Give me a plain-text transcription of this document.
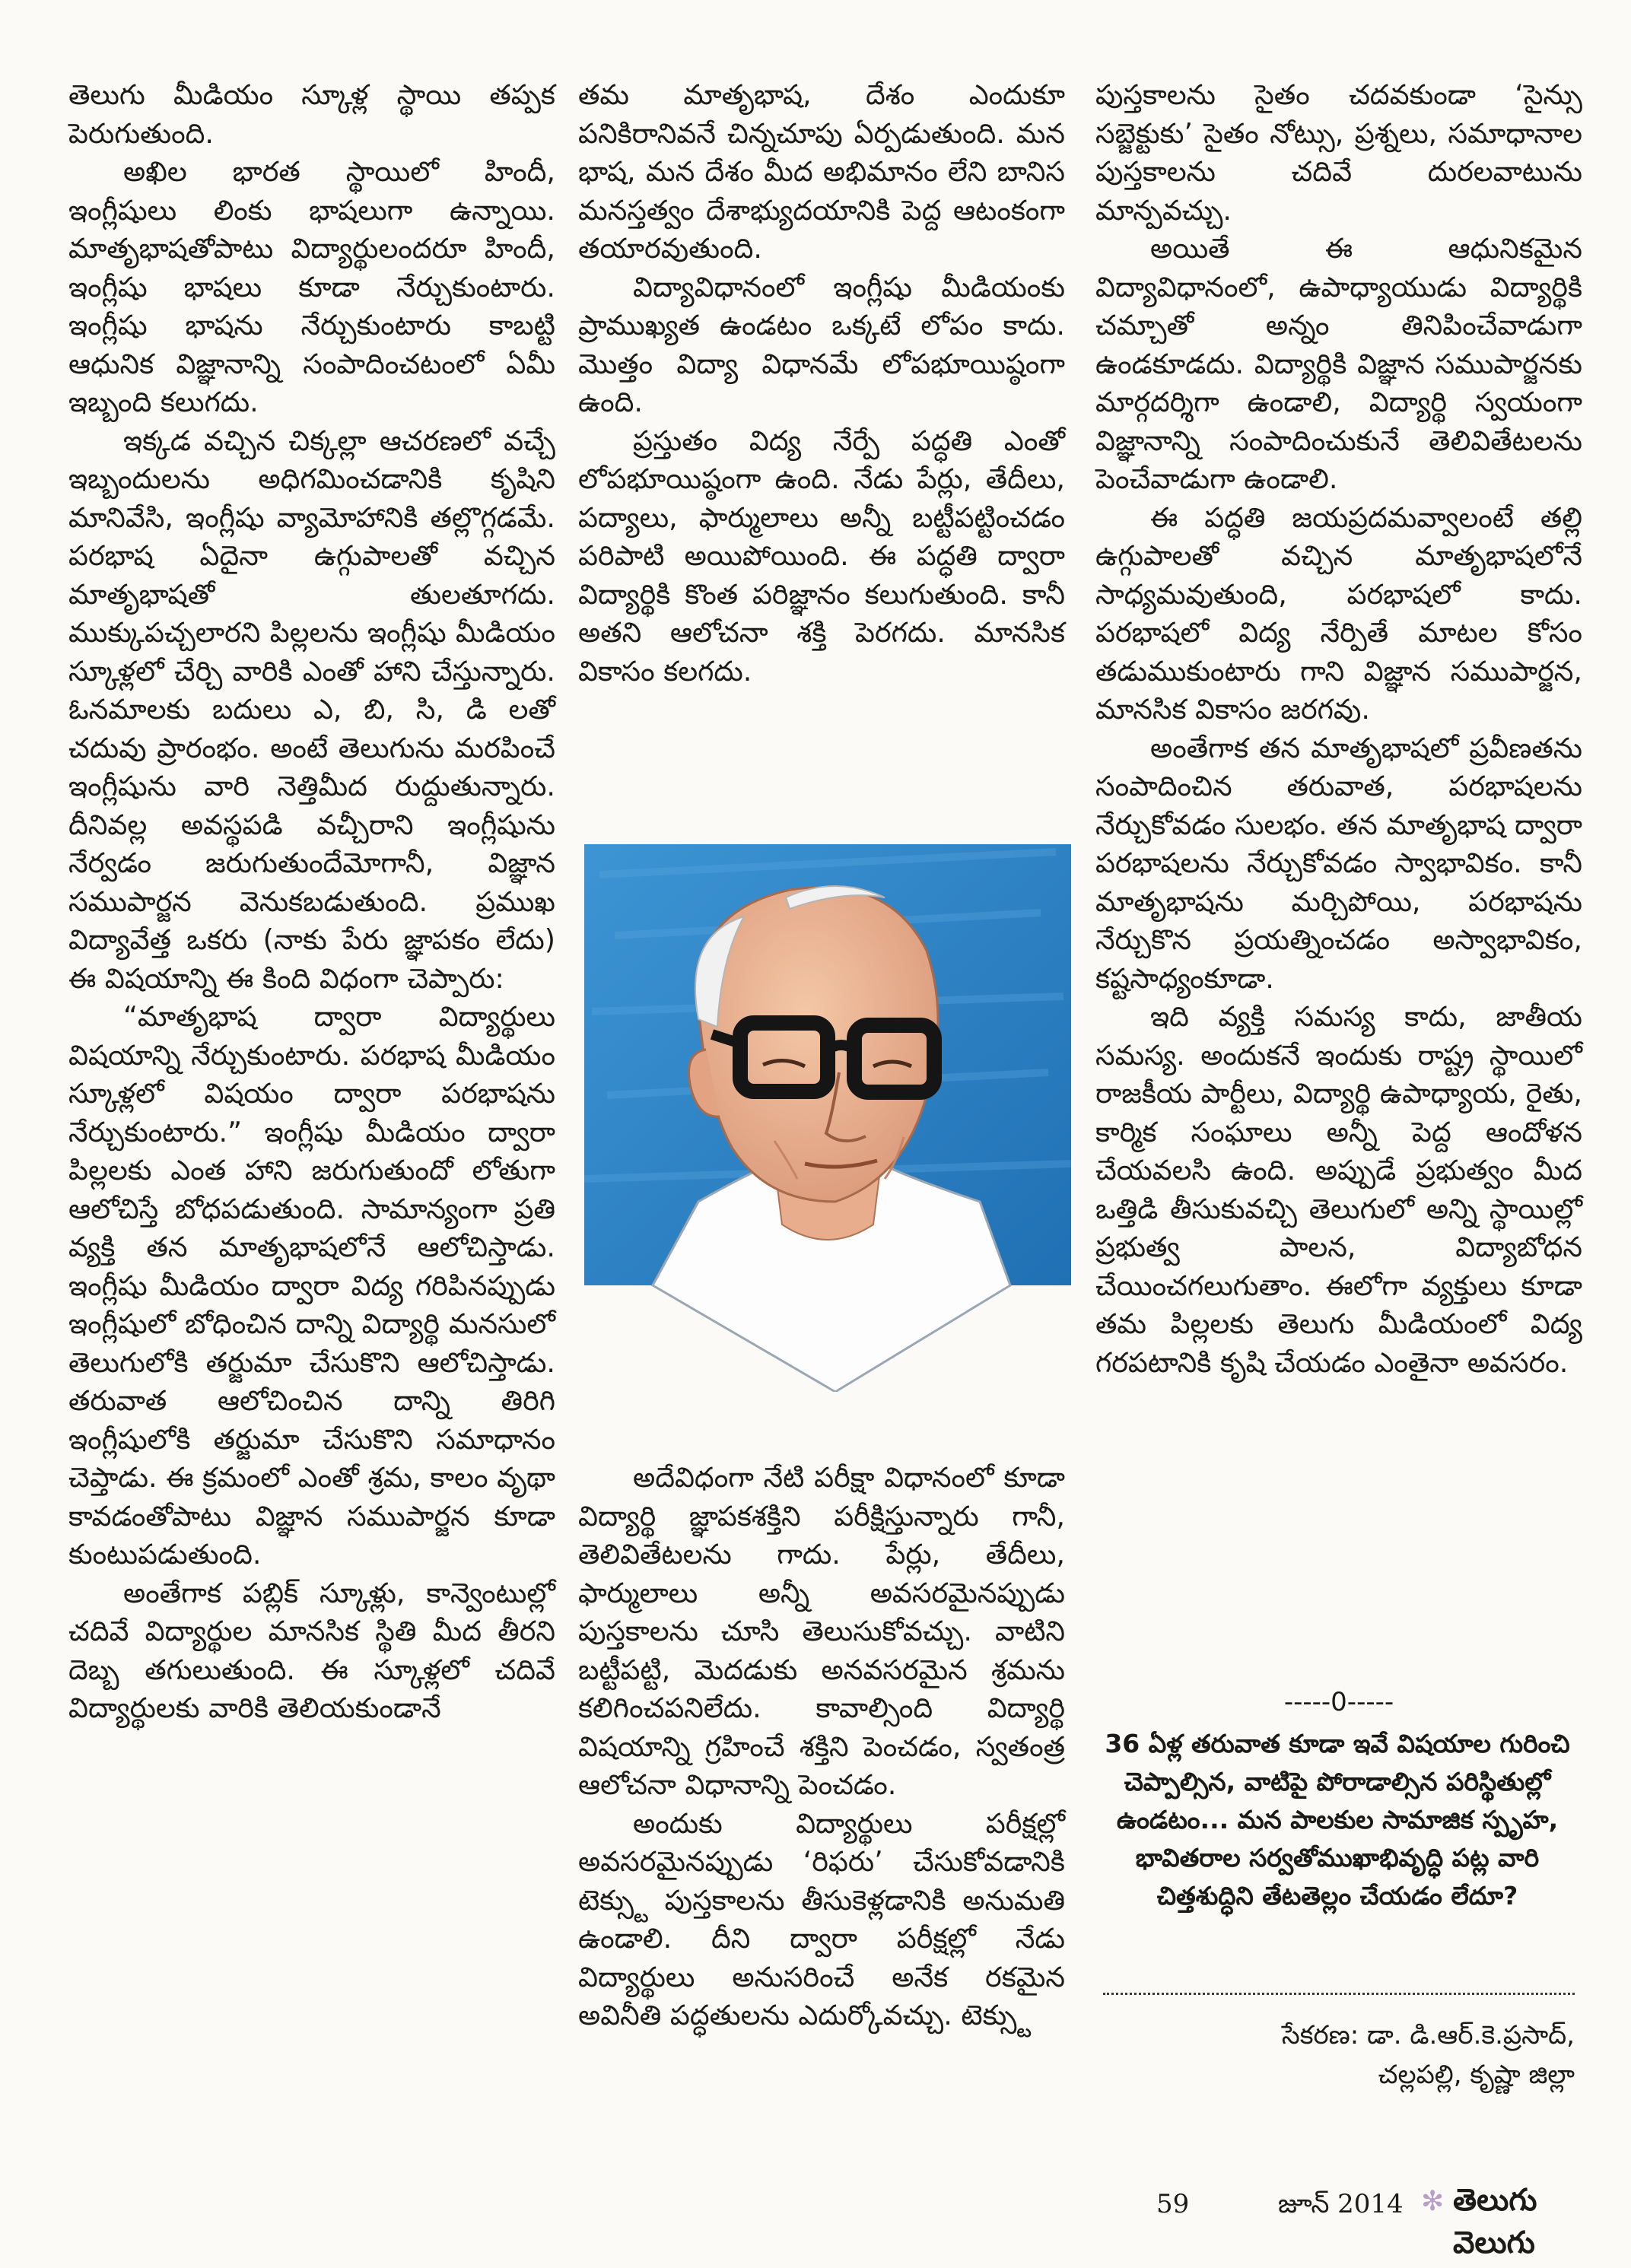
తెలుగు మీడియం స్కూళ్ల స్థాయి తప్పక పెరుగుతుంది.

అఖిల భారత స్థాయిలో హిందీ, ఇంగ్లీషులు లింకు భాషలుగా ఉన్నాయి. మాతృభాషతోపాటు విద్యార్థులందరూ హిందీ, ఇంగ్లీషు భాషలు కూడా నేర్చుకుంటారు. ఇంగ్లీషు భాషను నేర్చుకుంటారు కాబట్టి ఆధునిక విజ్ఞానాన్ని సంపాదించటంలో ఏమీ ఇబ్బంది కలుగదు.

ఇక్కడ వచ్చిన చిక్కల్లా ఆచరణలో వచ్చే ఇబ్బందులను అధిగమించడానికి కృషిని మానివేసి, ఇంగ్లీషు వ్యామోహానికి తల్లొగ్గడమే. పరభాష ఏదైనా ఉగ్గుపాలతో వచ్చిన మాతృభాషతో తులతూగదు. ముక్కుపచ్చలారని పిల్లలను ఇంగ్లీషు మీడియం స్కూళ్లలో చేర్చి వారికి ఎంతో హాని చేస్తున్నారు. ఓనమాలకు బదులు ఎ, బి, సి, డి లతో చదువు ప్రారంభం. అంటే తెలుగును మరపించే ఇంగ్లీషును వారి నెత్తిమీద రుద్దుతున్నారు. దీనివల్ల అవస్థపడి వచ్చీరాని ఇంగ్లీషును నేర్వడం జరుగుతుందేమోగానీ, విజ్ఞాన సముపార్జన వెనుకబడుతుంది. ప్రముఖ విద్యావేత్త ఒకరు (నాకు పేరు జ్ఞాపకం లేదు) ఈ విషయాన్ని ఈ కింది విధంగా చెప్పారు:

“మాతృభాష ద్వారా విద్యార్థులు విషయాన్ని నేర్చుకుంటారు. పరభాష మీడియం స్కూళ్లలో విషయం ద్వారా పరభాషను నేర్చుకుంటారు.” ఇంగ్లీషు మీడియం ద్వారా పిల్లలకు ఎంత హాని జరుగుతుందో లోతుగా ఆలోచిస్తే బోధపడుతుంది. సామాన్యంగా ప్రతి వ్యక్తి తన మాతృభాషలోనే ఆలోచిస్తాడు. ఇంగ్లీషు మీడియం ద్వారా విద్య గరిపినప్పుడు ఇంగ్లీషులో బోధించిన దాన్ని విద్యార్థి మనసులో తెలుగులోకి తర్జుమా చేసుకొని ఆలోచిస్తాడు. తరువాత ఆలోచించిన దాన్ని తిరిగి ఇంగ్లీషులోకి తర్జుమా చేసుకొని సమాధానం చెప్తాడు. ఈ క్రమంలో ఎంతో శ్రమ, కాలం వృథా కావడంతోపాటు విజ్ఞాన సముపార్జన కూడా కుంటుపడుతుంది.

అంతేగాక పబ్లిక్ స్కూళ్లు, కాన్వెంటుల్లో చదివే విద్యార్థుల మానసిక స్థితి మీద తీరని దెబ్బ తగులుతుంది. ఈ స్కూళ్లలో చదివే విద్యార్థులకు వారికి తెలియకుండానే

తమ మాతృభాష, దేశం ఎందుకూ పనికిరానివనే చిన్నచూపు ఏర్పడుతుంది. మన భాష, మన దేశం మీద అభిమానం లేని బానిస మనస్తత్వం దేశాభ్యుదయానికి పెద్ద ఆటంకంగా తయారవుతుంది.

విద్యావిధానంలో ఇంగ్లీషు మీడియంకు ప్రాముఖ్యత ఉండటం ఒక్కటే లోపం కాదు. మొత్తం విద్యా విధానమే లోపభూయిష్ఠంగా ఉంది.

ప్రస్తుతం విద్య నేర్పే పద్ధతి ఎంతో లోపభూయిష్ఠంగా ఉంది. నేడు పేర్లు, తేదీలు, పద్యాలు, ఫార్ములాలు అన్నీ బట్టీపట్టించడం పరిపాటి అయిపోయింది. ఈ పద్ధతి ద్వారా విద్యార్థికి కొంత పరిజ్ఞానం కలుగుతుంది. కానీ అతని ఆలోచనా శక్తి పెరగదు. మానసిక వికాసం కలగదు.

అదేవిధంగా నేటి పరీక్షా విధానంలో కూడా విద్యార్థి జ్ఞాపకశక్తిని పరీక్షిస్తున్నారు గానీ, తెలివితేటలను గాదు. పేర్లు, తేదీలు, ఫార్ములాలు అన్నీ అవసరమైనప్పుడు పుస్తకాలను చూసి తెలుసుకోవచ్చు. వాటిని బట్టీపట్టి, మెదడుకు అనవసరమైన శ్రమను కలిగించపనిలేదు. కావాల్సింది విద్యార్థి విషయాన్ని గ్రహించే శక్తిని పెంచడం, స్వతంత్ర ఆలోచనా విధానాన్ని పెంచడం.

అందుకు విద్యార్థులు పరీక్షల్లో అవసరమైనప్పుడు ‘రిఫరు’ చేసుకోవడానికి టెక్స్టు పుస్తకాలను తీసుకెళ్లడానికి అనుమతి ఉండాలి. దీని ద్వారా పరీక్షల్లో నేడు విద్యార్థులు అనుసరించే అనేక రకమైన అవినీతి పద్ధతులను ఎదుర్కోవచ్చు. టెక్స్టు

పుస్తకాలను సైతం చదవకుండా ‘సైన్సు సబ్జెక్టుకు’ సైతం నోట్సు, ప్రశ్నలు, సమాధానాల పుస్తకాలను చదివే దురలవాటును మాన్పవచ్చు.

అయితే ఈ ఆధునికమైన విద్యావిధానంలో, ఉపాధ్యాయుడు విద్యార్థికి చమ్చాతో అన్నం తినిపించేవాడుగా ఉండకూడదు. విద్యార్థికి విజ్ఞాన సముపార్జనకు మార్గదర్శిగా ఉండాలి, విద్యార్థి స్వయంగా విజ్ఞానాన్ని సంపాదించుకునే తెలివితేటలను పెంచేవాడుగా ఉండాలి.

ఈ పద్ధతి జయప్రదమవ్వాలంటే తల్లి ఉగ్గుపాలతో వచ్చిన మాతృభాషలోనే సాధ్యమవుతుంది, పరభాషలో కాదు. పరభాషలో విద్య నేర్పితే మాటల కోసం తడుముకుంటారు గాని విజ్ఞాన సముపార్జన, మానసిక వికాసం జరగవు.

అంతేగాక తన మాతృభాషలో ప్రవీణతను సంపాదించిన తరువాత, పరభాషలను నేర్చుకోవడం సులభం. తన మాతృభాష ద్వారా పరభాషలను నేర్చుకోవడం స్వాభావికం. కానీ మాతృభాషను మర్చిపోయి, పరభాషను నేర్చుకొన ప్రయత్నించడం అస్వాభావికం, కష్టసాధ్యంకూడా.

ఇది వ్యక్తి సమస్య కాదు, జాతీయ సమస్య. అందుకనే ఇందుకు రాష్ట్ర స్థాయిలో రాజకీయ పార్టీలు, విద్యార్థి ఉపాధ్యాయ, రైతు, కార్మిక సంఘాలు అన్నీ పెద్ద ఆందోళన చేయవలసి ఉంది. అప్పుడే ప్రభుత్వం మీద ఒత్తిడి తీసుకువచ్చి తెలుగులో అన్ని స్థాయిల్లో ప్రభుత్వ పాలన, విద్యాబోధన చేయించగలుగుతాం. ఈలోగా వ్యక్తులు కూడా తమ పిల్లలకు తెలుగు మీడియంలో విద్య గరపటానికి కృషి చేయడం ఎంతైనా అవసరం.

-----0-----
36 ఏళ్ల తరువాత కూడా ఇవే విషయాల గురించి చెప్పాల్సిన, వాటిపై పోరాడాల్సిన పరిస్థితుల్లో ఉండటం... మన పాలకుల సామాజిక స్పృహ, భావితరాల సర్వతోముఖాభివృద్ధి పట్ల వారి చిత్తశుద్ధిని తేటతెల్లం చేయడం లేదూ?
సేకరణ: డా. డి.ఆర్.కె.ప్రసాద్,
చల్లపల్లి, కృష్ణా జిల్లా
59	జూన్ 2014 ✻ తెలుగు వెలుగు
